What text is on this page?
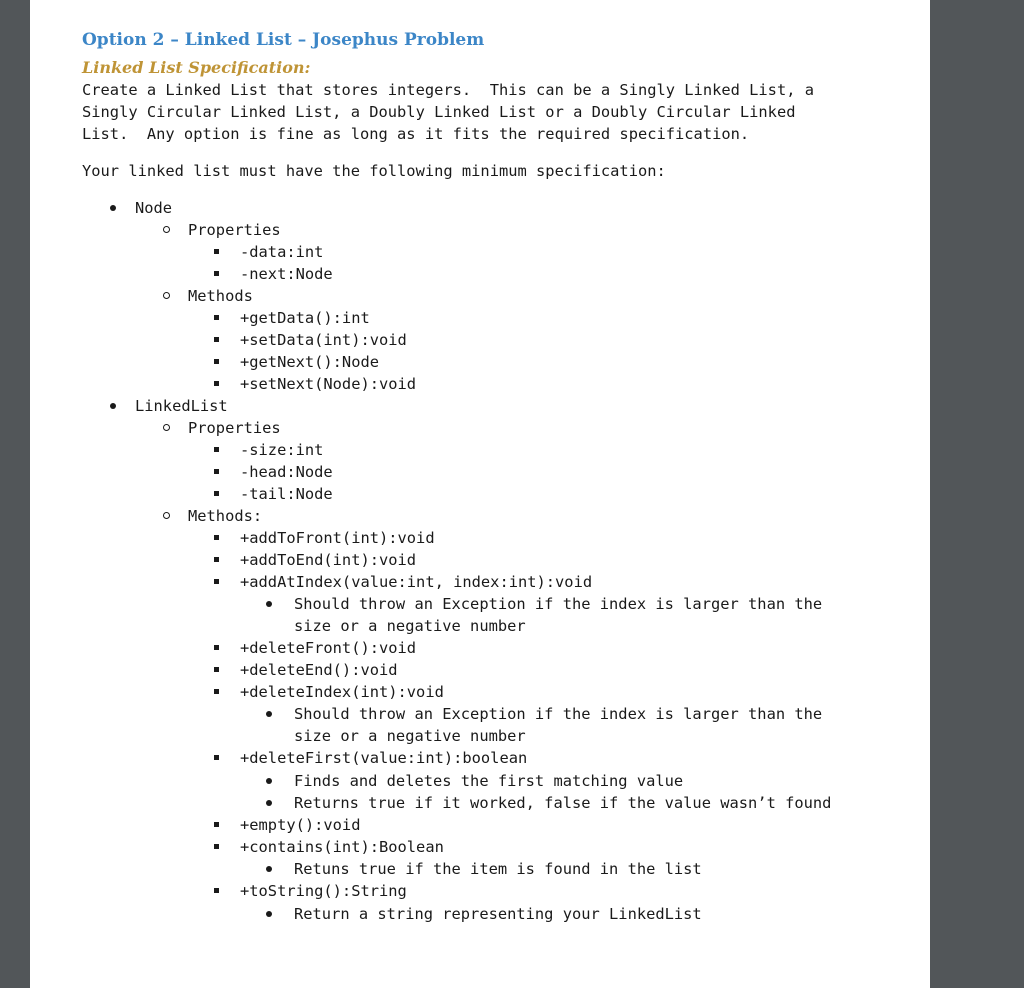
Option 2 – Linked List – Josephus Problem
Linked List Specification:
Create a Linked List that stores integers.  This can be a Singly Linked List, a
Singly Circular Linked List, a Doubly Linked List or a Doubly Circular Linked
List.  Any option is fine as long as it fits the required specification.
Your linked list must have the following minimum specification:
Node
Properties
-data:int
-next:Node
Methods
+getData():int
+setData(int):void
+getNext():Node
+setNext(Node):void
LinkedList
Properties
-size:int
-head:Node
-tail:Node
Methods:
+addToFront(int):void
+addToEnd(int):void
+addAtIndex(value:int, index:int):void
Should throw an Exception if the index is larger than the
size or a negative number
+deleteFront():void
+deleteEnd():void
+deleteIndex(int):void
Should throw an Exception if the index is larger than the
size or a negative number
+deleteFirst(value:int):boolean
Finds and deletes the first matching value
Returns true if it worked, false if the value wasn’t found
+empty():void
+contains(int):Boolean
Retuns true if the item is found in the list
+toString():String
Return a string representing your LinkedList
